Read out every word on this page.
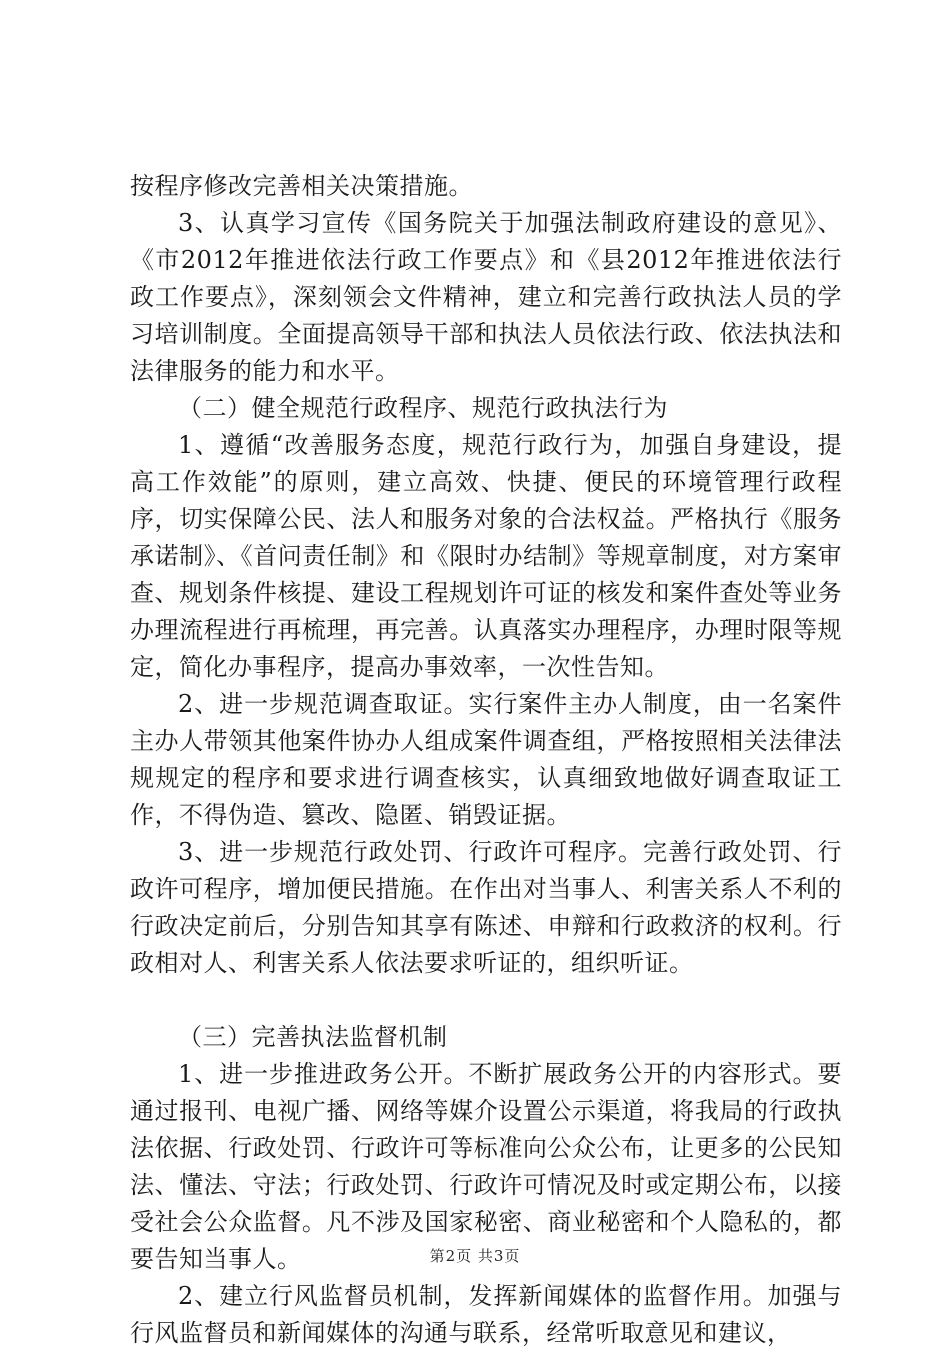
按程序修改完善相关决策措施。

3、认真学习宣传《国务院关于加强法制政府建设的意见》、《市2012年推进依法行政工作要点》和《县2012年推进依法行政工作要点》，深刻领会文件精神，建立和完善行政执法人员的学习培训制度。全面提高领导干部和执法人员依法行政、依法执法和法律服务的能力和水平。

（二）健全规范行政程序、规范行政执法行为

1、遵循“改善服务态度，规范行政行为，加强自身建设，提高工作效能”的原则，建立高效、快捷、便民的环境管理行政程序，切实保障公民、法人和服务对象的合法权益。严格执行《服务承诺制》、《首问责任制》和《限时办结制》等规章制度，对方案审查、规划条件核提、建设工程规划许可证的核发和案件查处等业务办理流程进行再梳理，再完善。认真落实办理程序，办理时限等规定，简化办事程序，提高办事效率，一次性告知。

2、进一步规范调查取证。实行案件主办人制度，由一名案件主办人带领其他案件协办人组成案件调查组，严格按照相关法律法规规定的程序和要求进行调查核实，认真细致地做好调查取证工作，不得伪造、篡改、隐匿、销毁证据。

3、进一步规范行政处罚、行政许可程序。完善行政处罚、行政许可程序，增加便民措施。在作出对当事人、利害关系人不利的行政决定前后，分别告知其享有陈述、申辩和行政救济的权利。行政相对人、利害关系人依法要求听证的，组织听证。

（三）完善执法监督机制

1、进一步推进政务公开。不断扩展政务公开的内容形式。要通过报刊、电视广播、网络等媒介设置公示渠道，将我局的行政执法依据、行政处罚、行政许可等标准向公众公布，让更多的公民知法、懂法、守法；行政处罚、行政许可情况及时或定期公布，以接受社会公众监督。凡不涉及国家秘密、商业秘密和个人隐私的，都要告知当事人。

2、建立行风监督员机制，发挥新闻媒体的监督作用。加强与行风监督员和新闻媒体的沟通与联系，经常听取意见和建议，

第2页 共3页
